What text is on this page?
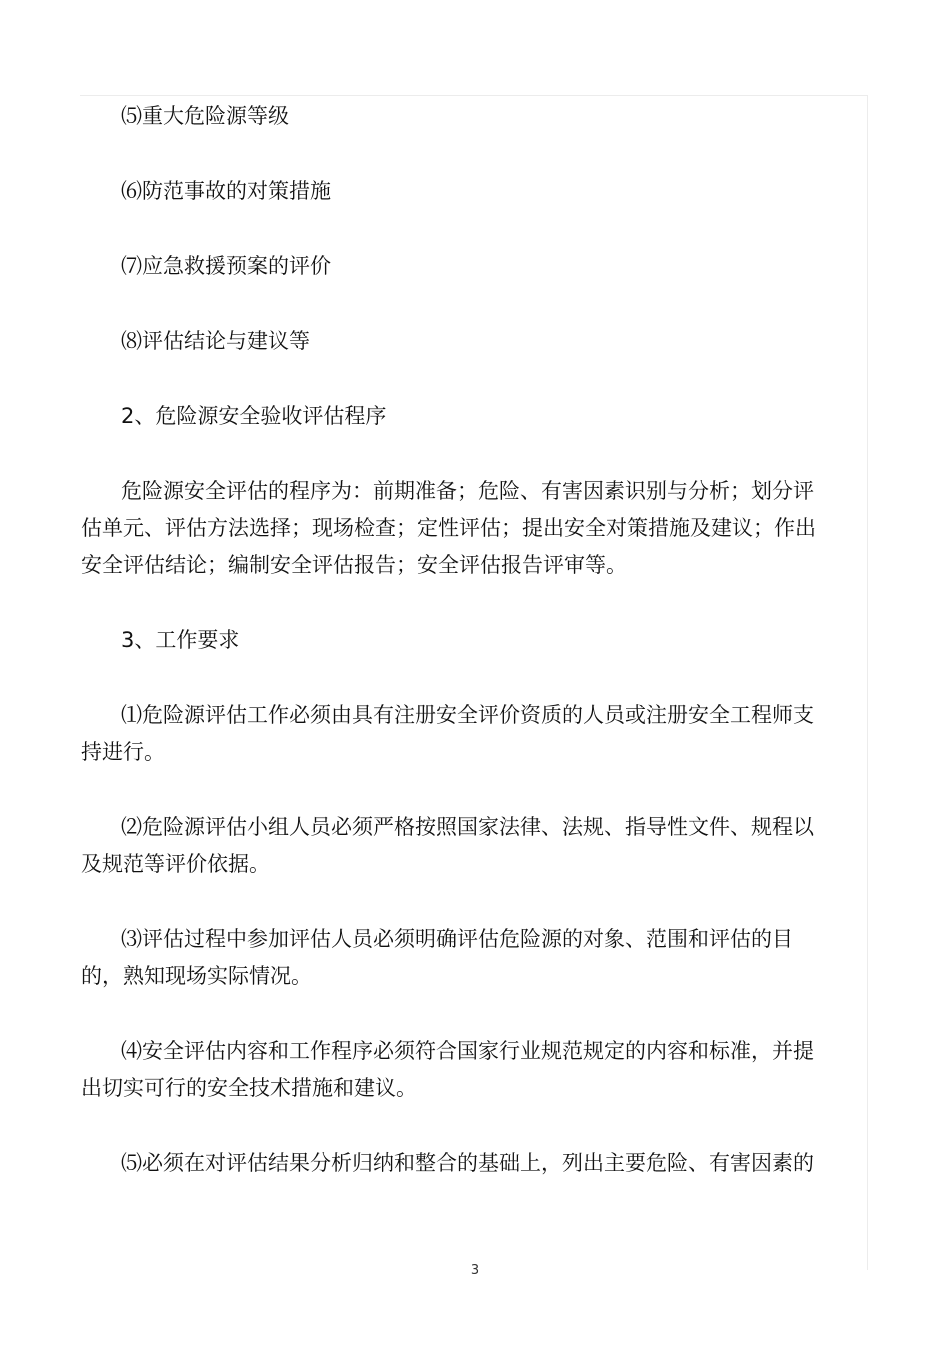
⑸重大危险源等级
⑹防范事故的对策措施
⑺应急救援预案的评价
⑻评估结论与建议等
2、危险源安全验收评估程序

危险源安全评估的程序为：前期准备；危险、有害因素识别与分析；划分评估单元、评估方法选择；现场检查；定性评估；提出安全对策措施及建议；作出安全评估结论；编制安全评估报告；安全评估报告评审等。

3、工作要求

⑴危险源评估工作必须由具有注册安全评价资质的人员或注册安全工程师支持进行。

⑵危险源评估小组人员必须严格按照国家法律、法规、指导性文件、规程以及规范等评价依据。

⑶评估过程中参加评估人员必须明确评估危险源的对象、范围和评估的目的，熟知现场实际情况。

⑷安全评估内容和工作程序必须符合国家行业规范规定的内容和标准，并提出切实可行的安全技术措施和建议。

⑸必须在对评估结果分析归纳和整合的基础上，列出主要危险、有害因素的

3
